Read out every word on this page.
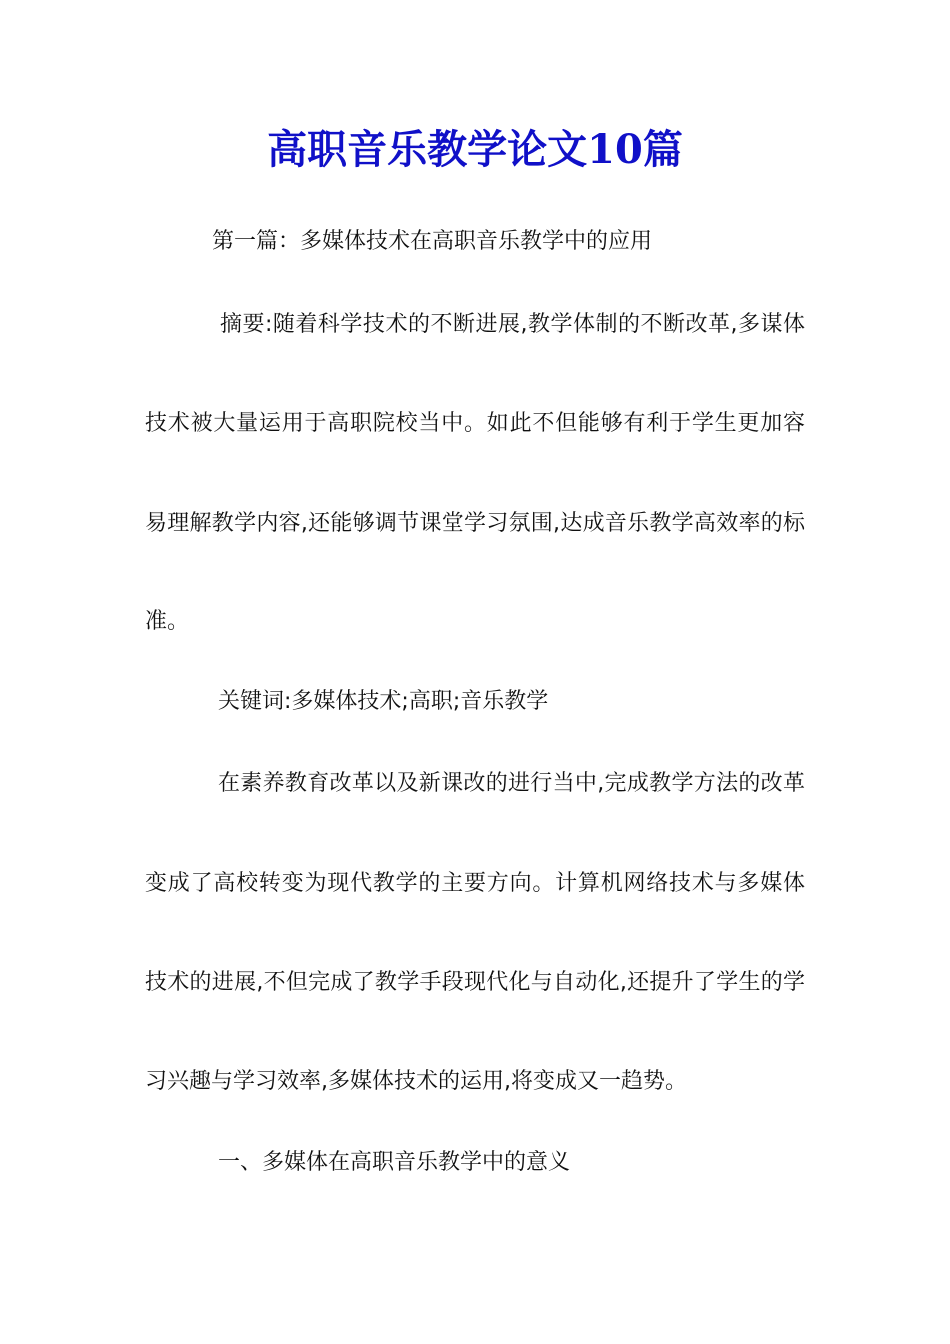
高职音乐教学论文10篇

第一篇：多媒体技术在高职音乐教学中的应用

摘要:随着科学技术的不断进展,教学体制的不断改革,多谋体

技术被大量运用于高职院校当中。如此不但能够有利于学生更加容

易理解教学内容,还能够调节课堂学习氛围,达成音乐教学高效率的标

准。

关键词:多媒体技术;高职;音乐教学

在素养教育改革以及新课改的进行当中,完成教学方法的改革

变成了高校转变为现代教学的主要方向。计算机网络技术与多媒体

技术的进展,不但完成了教学手段现代化与自动化,还提升了学生的学

习兴趣与学习效率,多媒体技术的运用,将变成又一趋势。

一、多媒体在高职音乐教学中的意义
